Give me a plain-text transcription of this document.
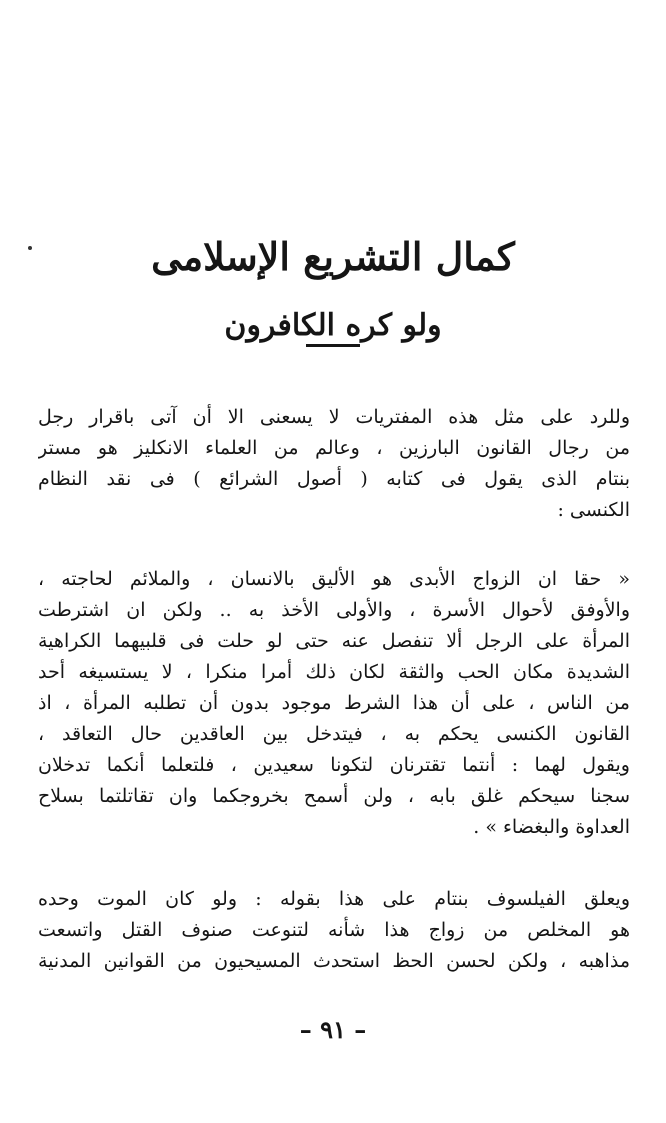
كمال التشريع الإسلامى
ولو كره الكافرون

وللرد على مثل هذه المفتريات لا يسعنى الا أن آتى باقرار رجل
من رجال القانون البارزين ، وعالم من العلماء الانكليز هو مستر
بنتام الذى يقول فى كتابه ( أصول الشرائع ) فى نقد النظام
الكنسى :

« حقا ان الزواج الأبدى هو الأليق بالانسان ، والملائم لحاجته ،
والأوفق لأحوال الأسرة ، والأولى الأخذ به .. ولكن ان اشترطت
المرأة على الرجل ألا تنفصل عنه حتى لو حلت فى قلبيهما الكراهية
الشديدة مكان الحب والثقة لكان ذلك أمرا منكرا ، لا يستسيغه أحد
من الناس ، على أن هذا الشرط موجود بدون أن تطلبه المرأة ، اذ
القانون الكنسى يحكم به ، فيتدخل بين العاقدين حال التعاقد ،
ويقول لهما : أنتما تقترنان لتكونا سعيدين ، فلتعلما أنكما تدخلان
سجنا سيحكم غلق بابه ، ولن أسمح بخروجكما وان تقاتلتما بسلاح
العداوة والبغضاء » .

ويعلق الفيلسوف بنتام على هذا بقوله : ولو كان الموت وحده
هو المخلص من زواج هذا شأنه لتنوعت صنوف القتل واتسعت
مذاهبه ، ولكن لحسن الحظ استحدث المسيحيون من القوانين المدنية

– ٩١ –
